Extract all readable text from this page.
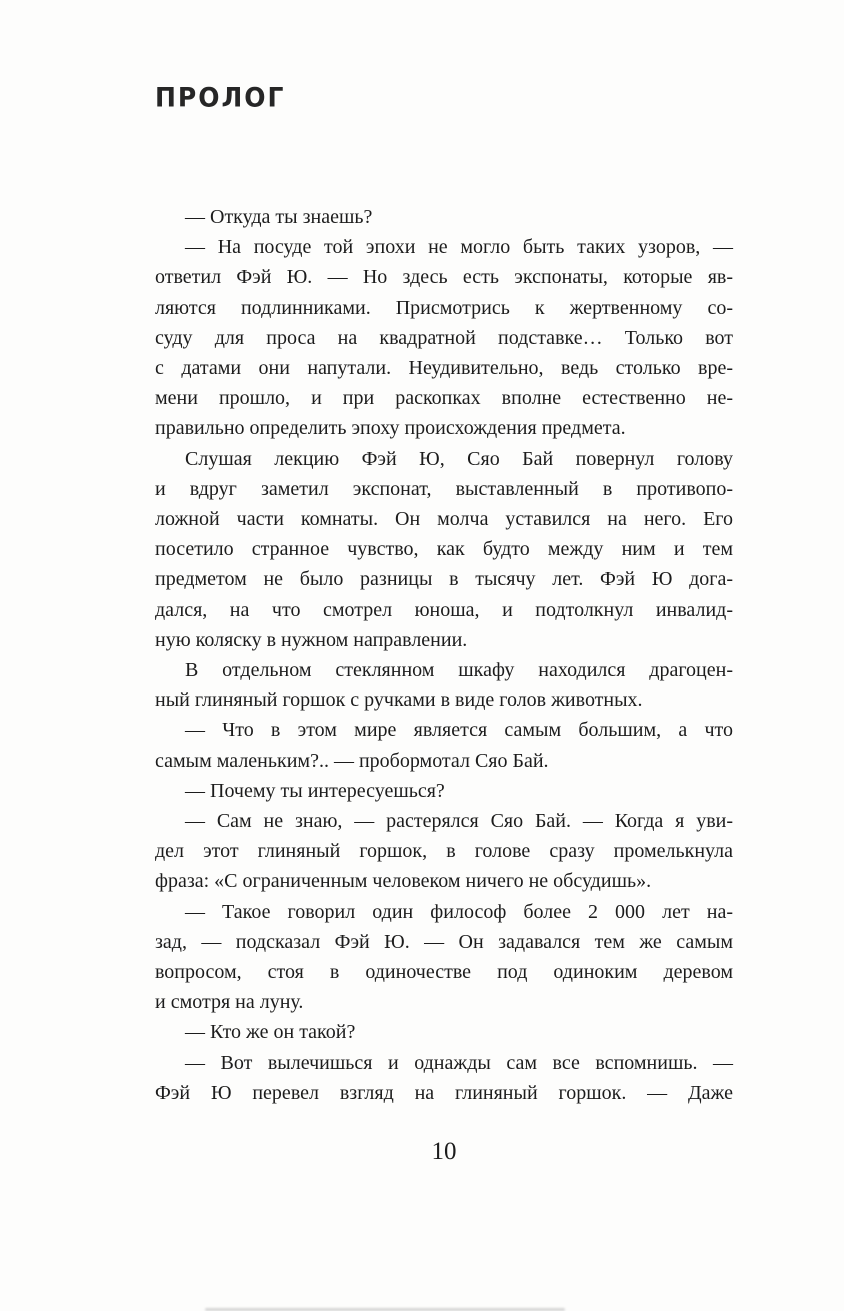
ПРОЛОГ
— Откуда ты знаешь?
— На посуде той эпохи не могло быть таких узоров, —
ответил Фэй Ю. — Но здесь есть экспонаты, которые яв-
ляются подлинниками. Присмотрись к жертвенному со-
суду для проса на квадратной подставке… Только вот
с датами они напутали. Неудивительно, ведь столько вре-
мени прошло, и при раскопках вполне естественно не-
правильно определить эпоху происхождения предмета.
Слушая лекцию Фэй Ю, Сяо Бай повернул голову
и вдруг заметил экспонат, выставленный в противопо-
ложной части комнаты. Он молча уставился на него. Его
посетило странное чувство, как будто между ним и тем
предметом не было разницы в тысячу лет. Фэй Ю дога-
дался, на что смотрел юноша, и подтолкнул инвалид-
ную коляску в нужном направлении.
В отдельном стеклянном шкафу находился драгоцен-
ный глиняный горшок с ручками в виде голов животных.
— Что в этом мире является самым большим, а что
самым маленьким?.. — пробормотал Сяо Бай.
— Почему ты интересуешься?
— Сам не знаю, — растерялся Сяо Бай. — Когда я уви-
дел этот глиняный горшок, в голове сразу промелькнула
фраза: «С ограниченным человеком ничего не обсудишь».
— Такое говорил один философ более 2 000 лет на-
зад, — подсказал Фэй Ю. — Он задавался тем же самым
вопросом, стоя в одиночестве под одиноким деревом
и смотря на луну.
— Кто же он такой?
— Вот вылечишься и однажды сам все вспомнишь. —
Фэй Ю перевел взгляд на глиняный горшок. — Даже
10
